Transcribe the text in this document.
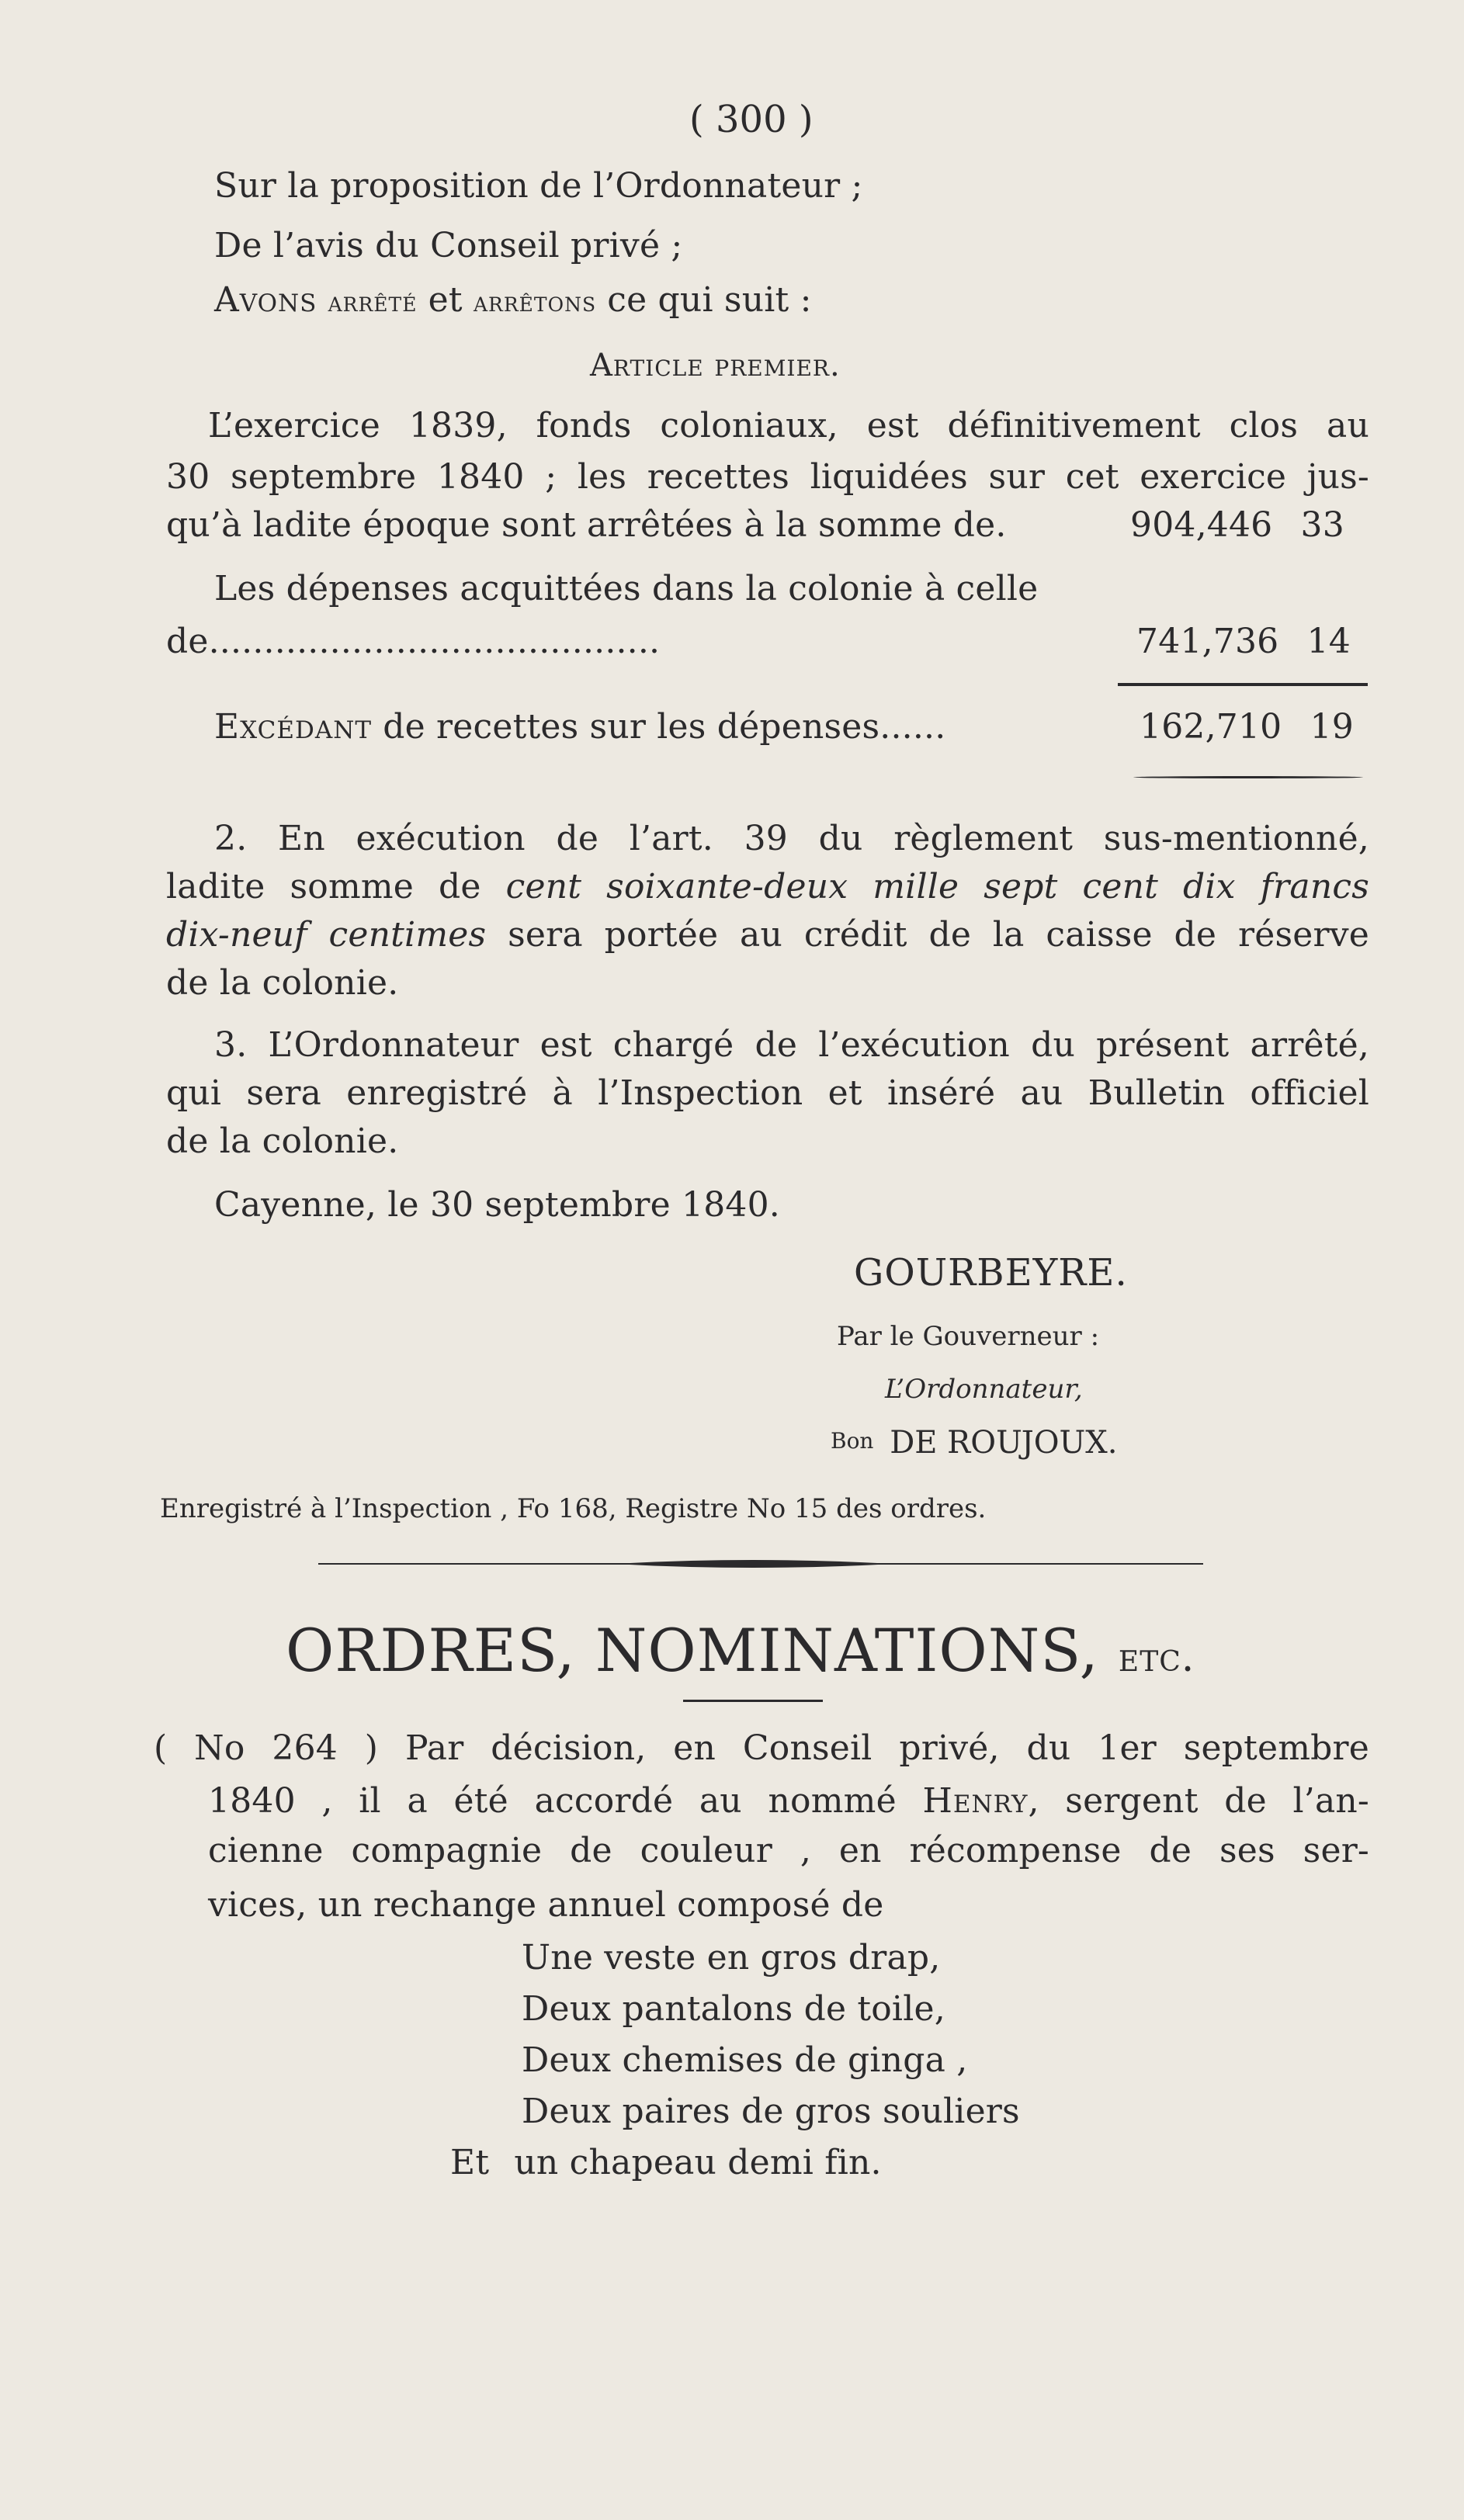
( 300 )
Sur la proposition de l’Ordonnateur ;
De l’avis du Conseil privé ;
Avons arrêté et arrêtons ce qui suit :
Article premier.
L’exercice 1839, fonds coloniaux, est définitivement clos au
30 septembre 1840 ; les recettes liquidées sur cet exercice jus-
qu’à ladite époque sont arrêtées à la somme de.	904,446 33
Les dépenses acquittées dans la colonie à celle
de.........................................	741,736 14
Excédant de recettes sur les dépenses......	162,710 19
2. En exécution de l’art. 39 du règlement sus-mentionné,
ladite somme de cent soixante-deux mille sept cent dix francs
dix-neuf centimes sera portée au crédit de la caisse de réserve
de la colonie.
3. L’Ordonnateur est chargé de l’exécution du présent arrêté,
qui sera enregistré à l’Inspection et inséré au Bulletin officiel
de la colonie.
Cayenne, le 30 septembre 1840.
GOURBEYRE.
Par le Gouverneur :
L’Ordonnateur,
Bon DE ROUJOUX.
Enregistré à l’Inspection , Fo 168, Registre No 15 des ordres.
ORDRES, NOMINATIONS, etc.
( No 264 ) Par décision, en Conseil privé, du 1er septembre
1840 , il a été accordé au nommé Henry, sergent de l’an-
cienne compagnie de couleur , en récompense de ses ser-
vices, un rechange annuel composé de
Une veste en gros drap,
Deux pantalons de toile,
Deux chemises de ginga ,
Deux paires de gros souliers
Et un chapeau demi fin.
